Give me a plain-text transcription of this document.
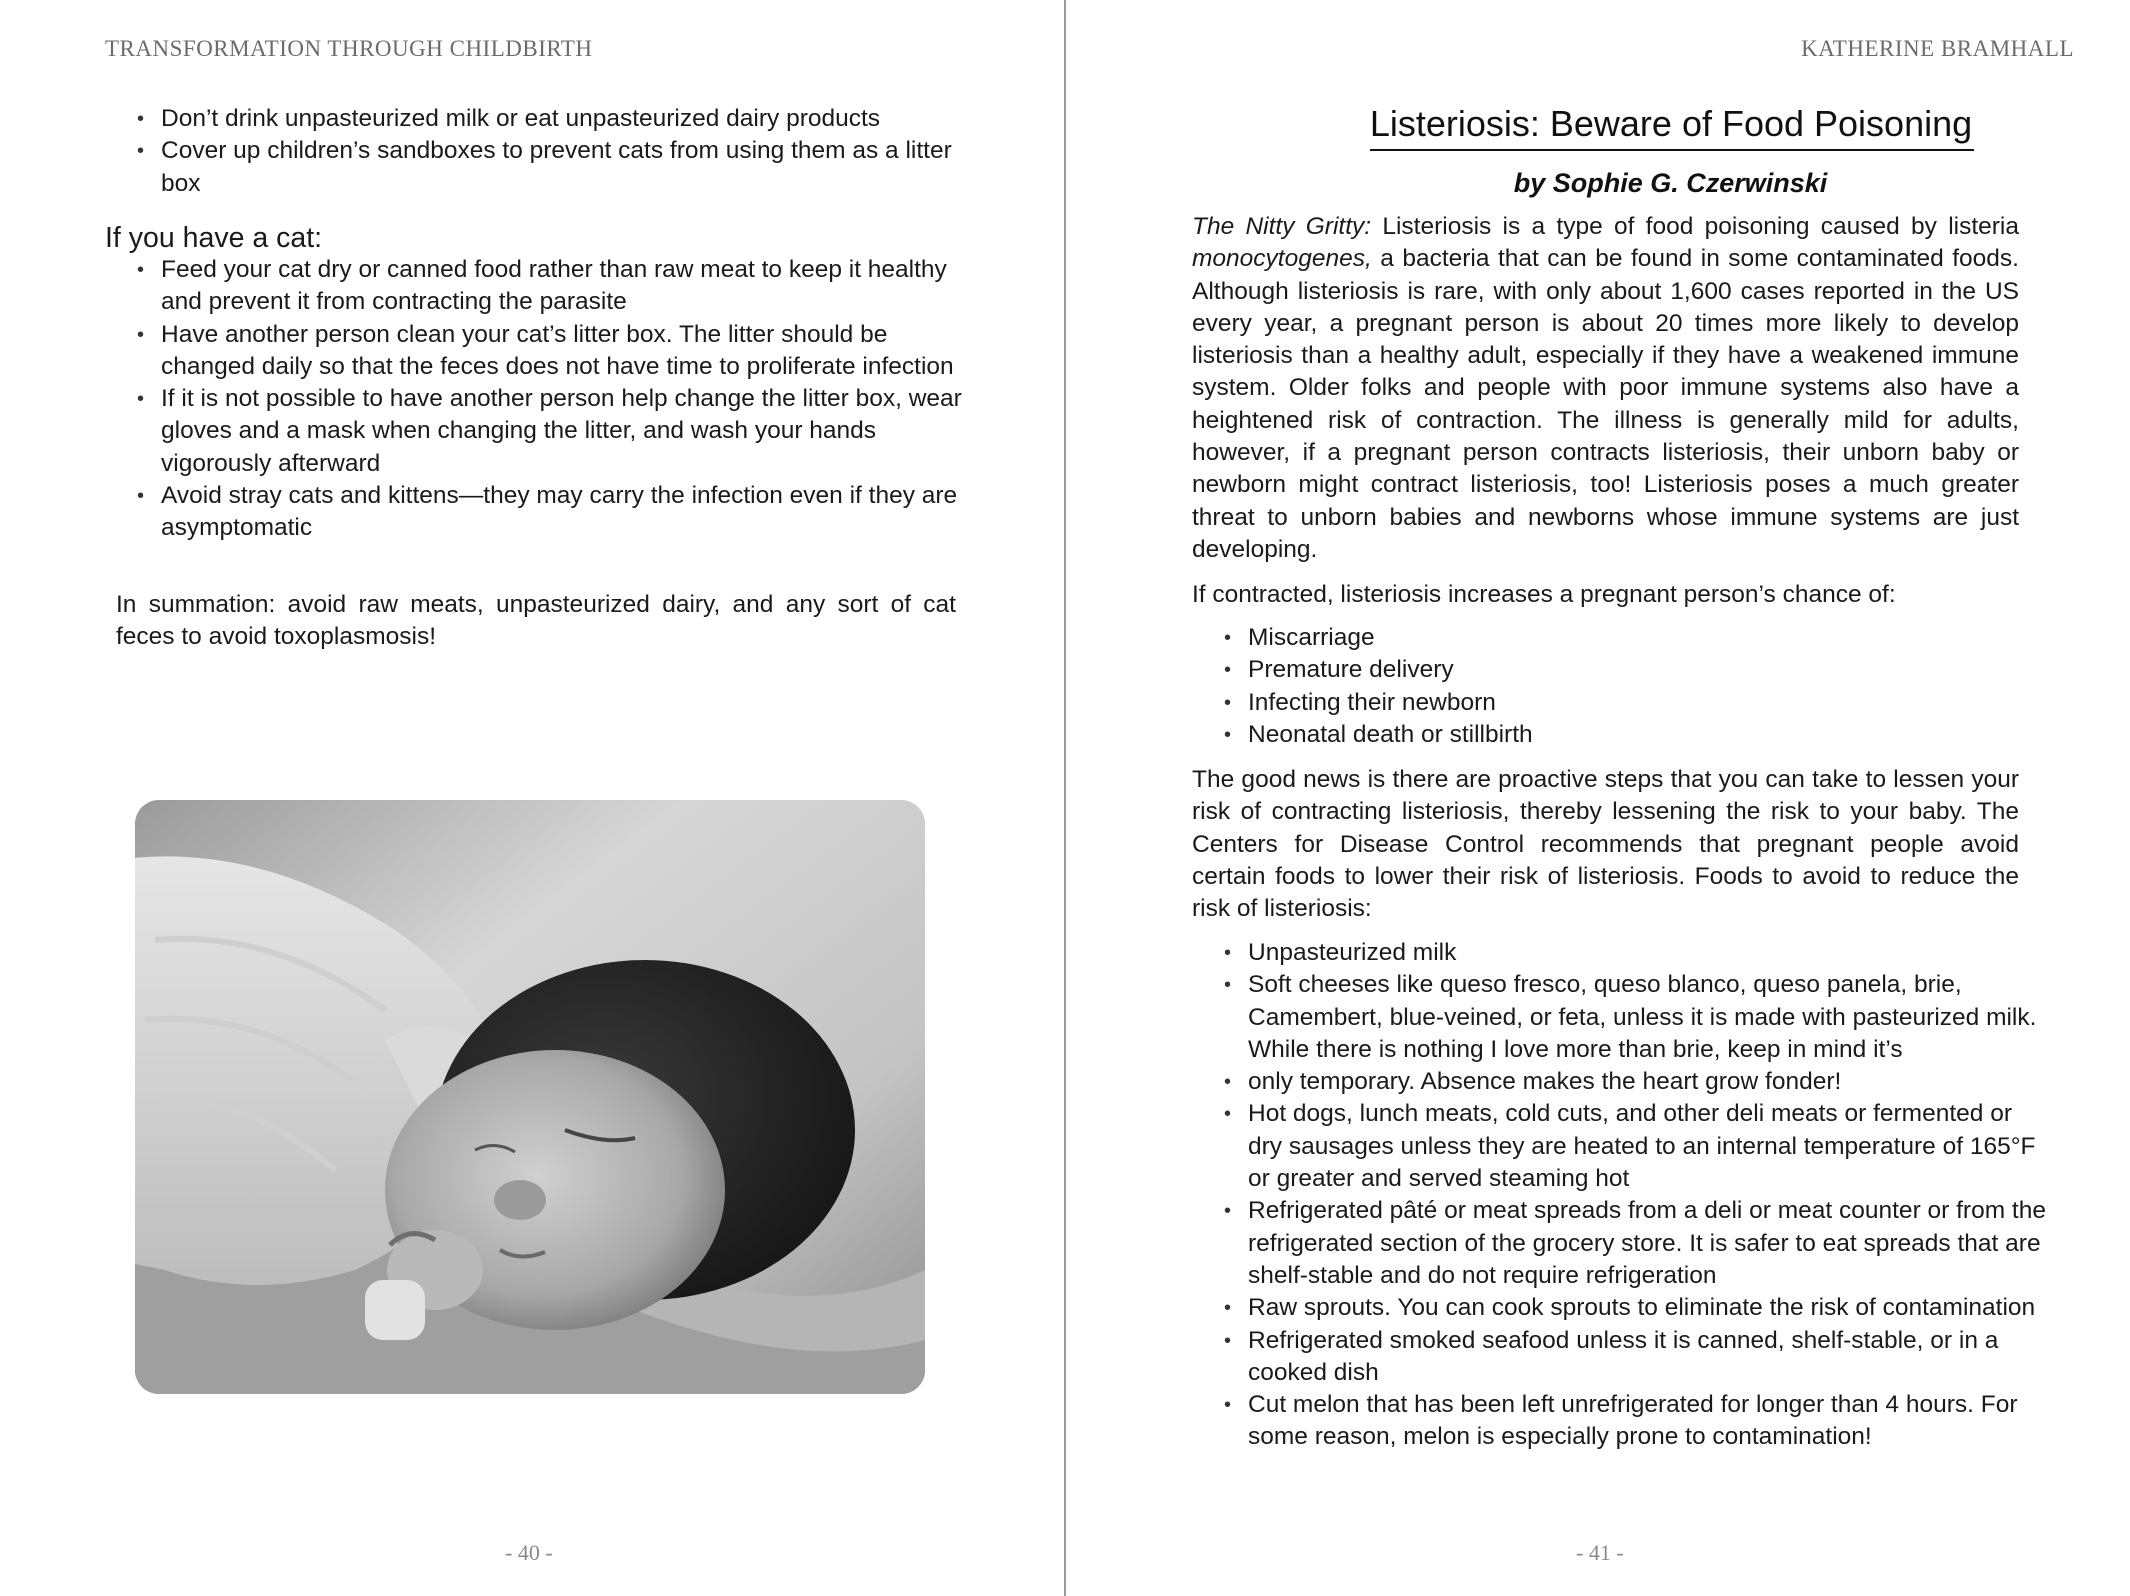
TRANSFORMATION THROUGH CHILDBIRTH
• Don’t drink unpasteurized milk or eat unpasteurized dairy products
• Cover up children’s sandboxes to prevent cats from using them as a litter box
If you have a cat:
• Feed your cat dry or canned food rather than raw meat to keep it healthy and prevent it from contracting the parasite
• Have another person clean your cat’s litter box. The litter should be changed daily so that the feces does not have time to proliferate infection
• If it is not possible to have another person help change the litter box, wear gloves and a mask when changing the litter, and wash your hands vigorously afterward
• Avoid stray cats and kittens—they may carry the infection even if they are asymptomatic

In summation: avoid raw meats, unpasteurized dairy, and any sort of cat feces to avoid toxoplasmosis!

- 40 -
KATHERINE BRAMHALL
Listeriosis: Beware of Food Poisoning
by Sophie G. Czerwinski

The Nitty Gritty: Listeriosis is a type of food poisoning caused by listeria monocytogenes, a bacteria that can be found in some contaminated foods. Although listeriosis is rare, with only about 1,600 cases reported in the US every year, a pregnant person is about 20 times more likely to develop listeriosis than a healthy adult, especially if they have a weakened immune system. Older folks and people with poor immune systems also have a heightened risk of contraction. The illness is generally mild for adults, however, if a pregnant person contracts listeriosis, their unborn baby or newborn might contract listeriosis, too! Listeriosis poses a much greater threat to unborn babies and newborns whose immune systems are just developing.

If contracted, listeriosis increases a pregnant person’s chance of:

• Miscarriage
• Premature delivery
• Infecting their newborn
• Neonatal death or stillbirth

The good news is there are proactive steps that you can take to lessen your risk of contracting listeriosis, thereby lessening the risk to your baby. The Centers for Disease Control recommends that pregnant people avoid certain foods to lower their risk of listeriosis. Foods to avoid to reduce the risk of listeriosis:

• Unpasteurized milk
• Soft cheeses like queso fresco, queso blanco, queso panela, brie, Camembert, blue-veined, or feta, unless it is made with pasteurized milk. While there is nothing I love more than brie, keep in mind it’s
• only temporary. Absence makes the heart grow fonder!
• Hot dogs, lunch meats, cold cuts, and other deli meats or fermented or dry sausages unless they are heated to an internal temperature of 165°F or greater and served steaming hot
• Refrigerated pâté or meat spreads from a deli or meat counter or from the refrigerated section of the grocery store. It is safer to eat spreads that are shelf-stable and do not require refrigeration
• Raw sprouts. You can cook sprouts to eliminate the risk of contamination
• Refrigerated smoked seafood unless it is canned, shelf-stable, or in a cooked dish
• Cut melon that has been left unrefrigerated for longer than 4 hours. For some reason, melon is especially prone to contamination!
- 41 -
